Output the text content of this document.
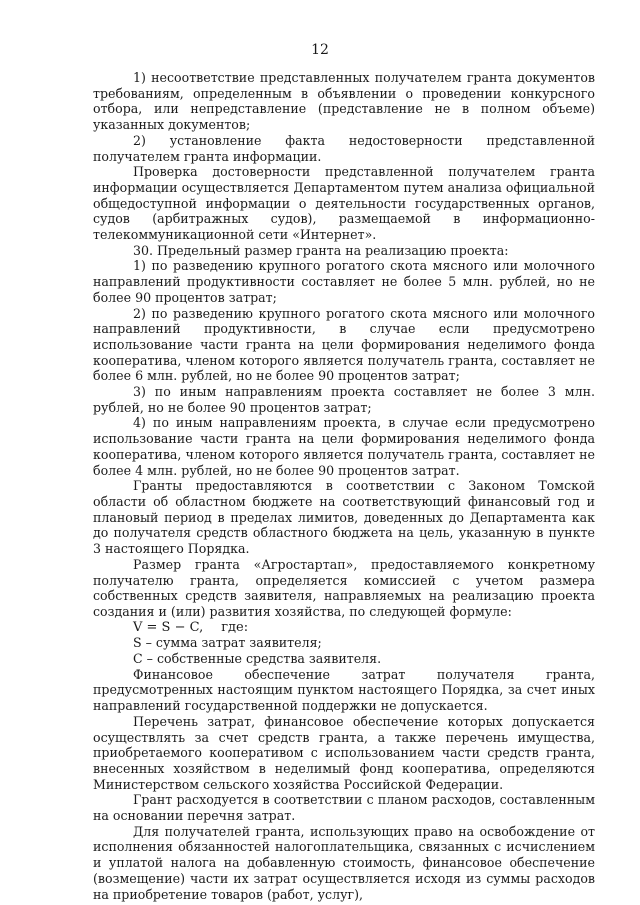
12

1) несоответствие представленных получателем гранта документов требованиям, определенным в объявлении о проведении конкурсного отбора, или непредставление (представление не в полном объеме) указанных документов;

2) установление факта недостоверности представленной получателем гранта информации.

Проверка достоверности представленной получателем гранта информации осуществляется Департаментом путем анализа официальной общедоступной информации о деятельности государственных органов, судов (арбитражных судов), размещаемой в информационно-телекоммуникационной сети «Интернет».

30. Предельный размер гранта на реализацию проекта:

1) по разведению крупного рогатого скота мясного или молочного направлений продуктивности составляет не более 5 млн. рублей, но не более 90 процентов затрат;

2) по разведению крупного рогатого скота мясного или молочного направлений продуктивности, в случае если предусмотрено использование части гранта на цели формирования неделимого фонда кооператива, членом которого является получатель гранта, составляет не более 6 млн. рублей, но не более 90 процентов затрат;

3) по иным направлениям проекта составляет не более 3 млн. рублей, но не более 90 процентов затрат;

4) по иным направлениям проекта, в случае если предусмотрено использование части гранта на цели формирования неделимого фонда кооператива, членом которого является получатель гранта, составляет не более 4 млн. рублей, но не более 90 процентов затрат.

Гранты предоставляются в соответствии с Законом Томской области об областном бюджете на соответствующий финансовый год и плановый период в пределах лимитов, доведенных до Департамента как до получателя средств областного бюджета на цель, указанную в пункте 3 настоящего Порядка.

Размер гранта «Агростартап», предоставляемого конкретному получателю гранта, определяется комиссией с учетом размера собственных средств заявителя, направляемых на реализацию проекта создания и (или) развития хозяйства, по следующей формуле:

V = S − C, где:

S – сумма затрат заявителя;

C – собственные средства заявителя.

Финансовое обеспечение затрат получателя гранта, предусмотренных настоящим пунктом настоящего Порядка, за счет иных направлений государственной поддержки не допускается.

Перечень затрат, финансовое обеспечение которых допускается осуществлять за счет средств гранта, а также перечень имущества, приобретаемого кооперативом с использованием части средств гранта, внесенных хозяйством в неделимый фонд кооператива, определяются Министерством сельского хозяйства Российской Федерации.

Грант расходуется в соответствии с планом расходов, составленным на основании перечня затрат.

Для получателей гранта, использующих право на освобождение от исполнения обязанностей налогоплательщика, связанных с исчислением и уплатой налога на добавленную стоимость, финансовое обеспечение (возмещение) части их затрат осуществляется исходя из суммы расходов на приобретение товаров (работ, услуг),
